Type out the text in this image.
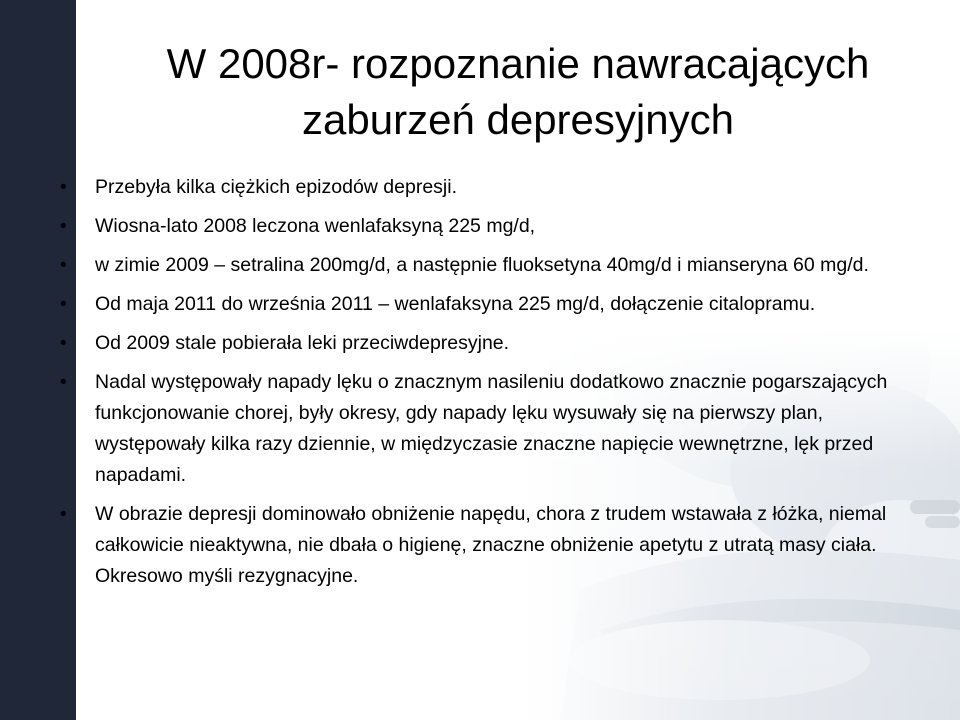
W 2008r- rozpoznanie nawracających
zaburzeń depresyjnych
• Przebyła kilka ciężkich epizodów depresji.
• Wiosna-lato 2008 leczona wenlafaksyną 225 mg/d,
• w zimie 2009 – setralina 200mg/d, a następnie fluoksetyna 40mg/d i mianseryna 60 mg/d.
• Od maja 2011 do września 2011 – wenlafaksyna 225 mg/d, dołączenie citalopramu.
• Od 2009 stale pobierała leki przeciwdepresyjne.
• Nadal występowały napady lęku o znacznym nasileniu dodatkowo znacznie pogarszających funkcjonowanie chorej, były okresy, gdy napady lęku wysuwały się na pierwszy plan, występowały kilka razy dziennie, w międzyczasie znaczne napięcie wewnętrzne, lęk przed napadami.
• W obrazie depresji dominowało obniżenie napędu, chora z trudem wstawała z łóżka, niemal całkowicie nieaktywna, nie dbała o higienę, znaczne obniżenie apetytu z utratą masy ciała. Okresowo myśli rezygnacyjne.
